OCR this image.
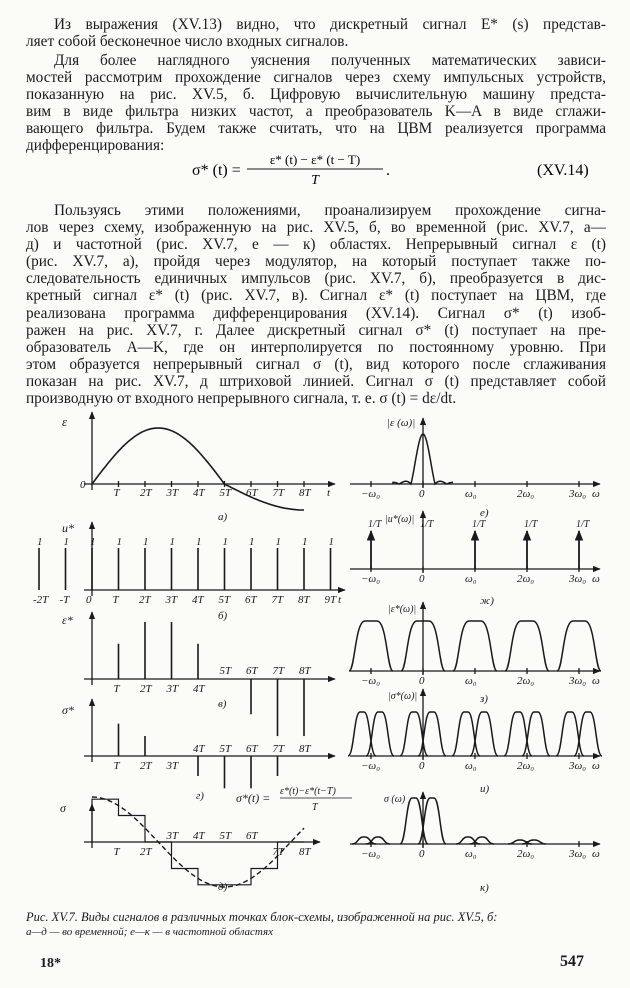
Из выражения (XV.13) видно, что дискретный сигнал E* (s) представ-
ляет собой бесконечное число входных сигналов.
Для более наглядного уяснения полученных математических зависи-
мостей рассмотрим прохождение сигналов через схему импульсных устройств,
показанную на рис. XV.5, б. Цифровую вычислительную машину предста-
вим в виде фильтра низких частот, а преобразователь K—A в виде сглажи-
вающего фильтра. Будем также считать, что на ЦВМ реализуется программа
дифференцирования:
σ* (t) =
ε* (t) − ε* (t − T)
T
.	(XV.14)
Пользуясь этими положениями, проанализируем прохождение сигна-
лов через схему, изображенную на рис. XV.5, б, во временной (рис. XV.7, а—
д) и частотной (рис. XV.7, е — к) областях. Непрерывный сигнал ε (t)
(рис. XV.7, а), пройдя через модулятор, на который поступает также по-
следовательность единичных импульсов (рис. XV.7, б), преобразуется в дис-
кретный сигнал ε* (t) (рис. XV.7, в). Сигнал ε* (t) поступает на ЦВМ, где
реализована программа дифференцирования (XV.14). Сигнал σ* (t) изоб-
ражен на рис. XV.7, г. Далее дискретный сигнал σ* (t) поступает на пре-
образователь A—K, где он интерполируется по постоянному уровню. При
этом образуется непрерывный сигнал σ (t), вид которого после сглаживания
показан на рис. XV.7, д штриховой линией. Сигнал σ (t) представляет собой
производную от входного непрерывного сигнала, т. е. σ (t) = dε/dt.
ε
0
T 2T 3T 4T 5T 6T 7T 8T t
а)
1 1 1 1 1 1 1 1 1 1 1 1
u*
-2T -T 0 T 2T 3T 4T 5T 6T 7T 8T 9T t
б)
ε*
T 2T 3T 4T
5T 6T 7T 8T
в)
σ*
T 2T 3T
4T 5T 6T 7T 8T
г)	σ*(t) = ε*(t)−ε*(t−T)
T
σ
T 2T
3T 4T 5T 6T
7T 8T
д)
|ε (ω)|
−ω₀	0	ω₀	2ω₀	3ω₀ ω
е)
1/T	1/T	1/T	1/T	1/T
|u*(ω)|
−ω₀	0	ω₀	2ω₀	3ω₀ ω
ж)
|ε*(ω)|
−ω₀	0	ω₀	2ω₀	3ω₀ ω
з)
|σ*(ω)|
−ω₀	0	ω₀	2ω₀	3ω₀ ω
и)
σ (ω)
−ω₀	0	ω₀	2ω₀	3ω₀ ω
к)
Рис. XV.7. Виды сигналов в различных точках блок-схемы, изображенной на рис. XV.5, б:
а—д — во временной; е—к — в частотной областях
18*	547
